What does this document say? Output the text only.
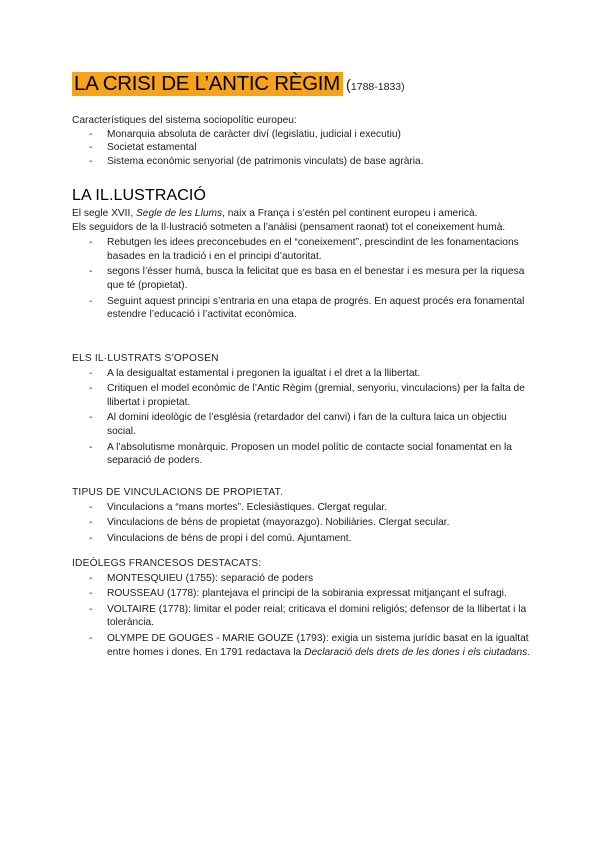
LA CRISI DE L’ANTIC RÈGIM (1788-1833)

Característiques del sistema sociopolític europeu:

- Monarquia absoluta de caràcter diví (legislatiu, judicial i executiu)
- Societat estamental
- Sistema econòmic senyorial (de patrimonis vinculats) de base agrària.
LA IL.LUSTRACIÓ

El segle XVII, Segle de les Llums, naix a França i s’estén pel continent europeu i americà.

Els seguidors de la Il·lustració sotmeten a l’anàlisi (pensament raonat) tot el coneixement humà.

- Rebutgen les idees preconcebudes en el “coneixement”, prescindint de les fonamentacions basades en la tradició i en el principi d’autoritat.
- segons l’ésser humà, busca la felicitat que es basa en el benestar i es mesura per la riquesa que té (propietat).
- Seguint aquest principi s’entraria en una etapa de progrés. En aquest procés era fonamental estendre l’educació i l’activitat econòmica.

ELS IL·LUSTRATS S’OPOSEN

- A la desigualtat estamental i pregonen la igualtat i el dret a la llibertat.
- Critiquen el model econòmic de l’Antic Règim (gremial, senyoriu, vinculacions) per la falta de llibertat i propietat.
- Al domini ideològic de l’església (retardador del canvi) i fan de la cultura laica un objectiu social.
- A l’absolutisme monàrquic. Proposen un model polític de contacte social fonamentat en la separació de poders.

TIPUS DE VINCULACIONS DE PROPIETAT.

- Vinculacions a “mans mortes”. Eclesiàstiques. Clergat regular.
- Vinculacions de béns de propietat (mayorazgo). Nobiliàries. Clergat secular.
- Vinculacions de béns de propi i del comú. Ajuntament.

IDEÒLEGS FRANCESOS DESTACATS:

- MONTESQUIEU (1755): separació de poders
- ROUSSEAU (1778): plantejava el principi de la sobirania expressat mitjançant el sufragi.
- VOLTAIRE (1778): limitar el poder reial; criticava el domini religiós; defensor de la llibertat i la tolerància.
- OLYMPE DE GOUGES - MARIE GOUZE (1793): exigia un sistema jurídic basat en la igualtat entre homes i dones. En 1791 redactava la Declaració dels drets de les dones i els ciutadans.
